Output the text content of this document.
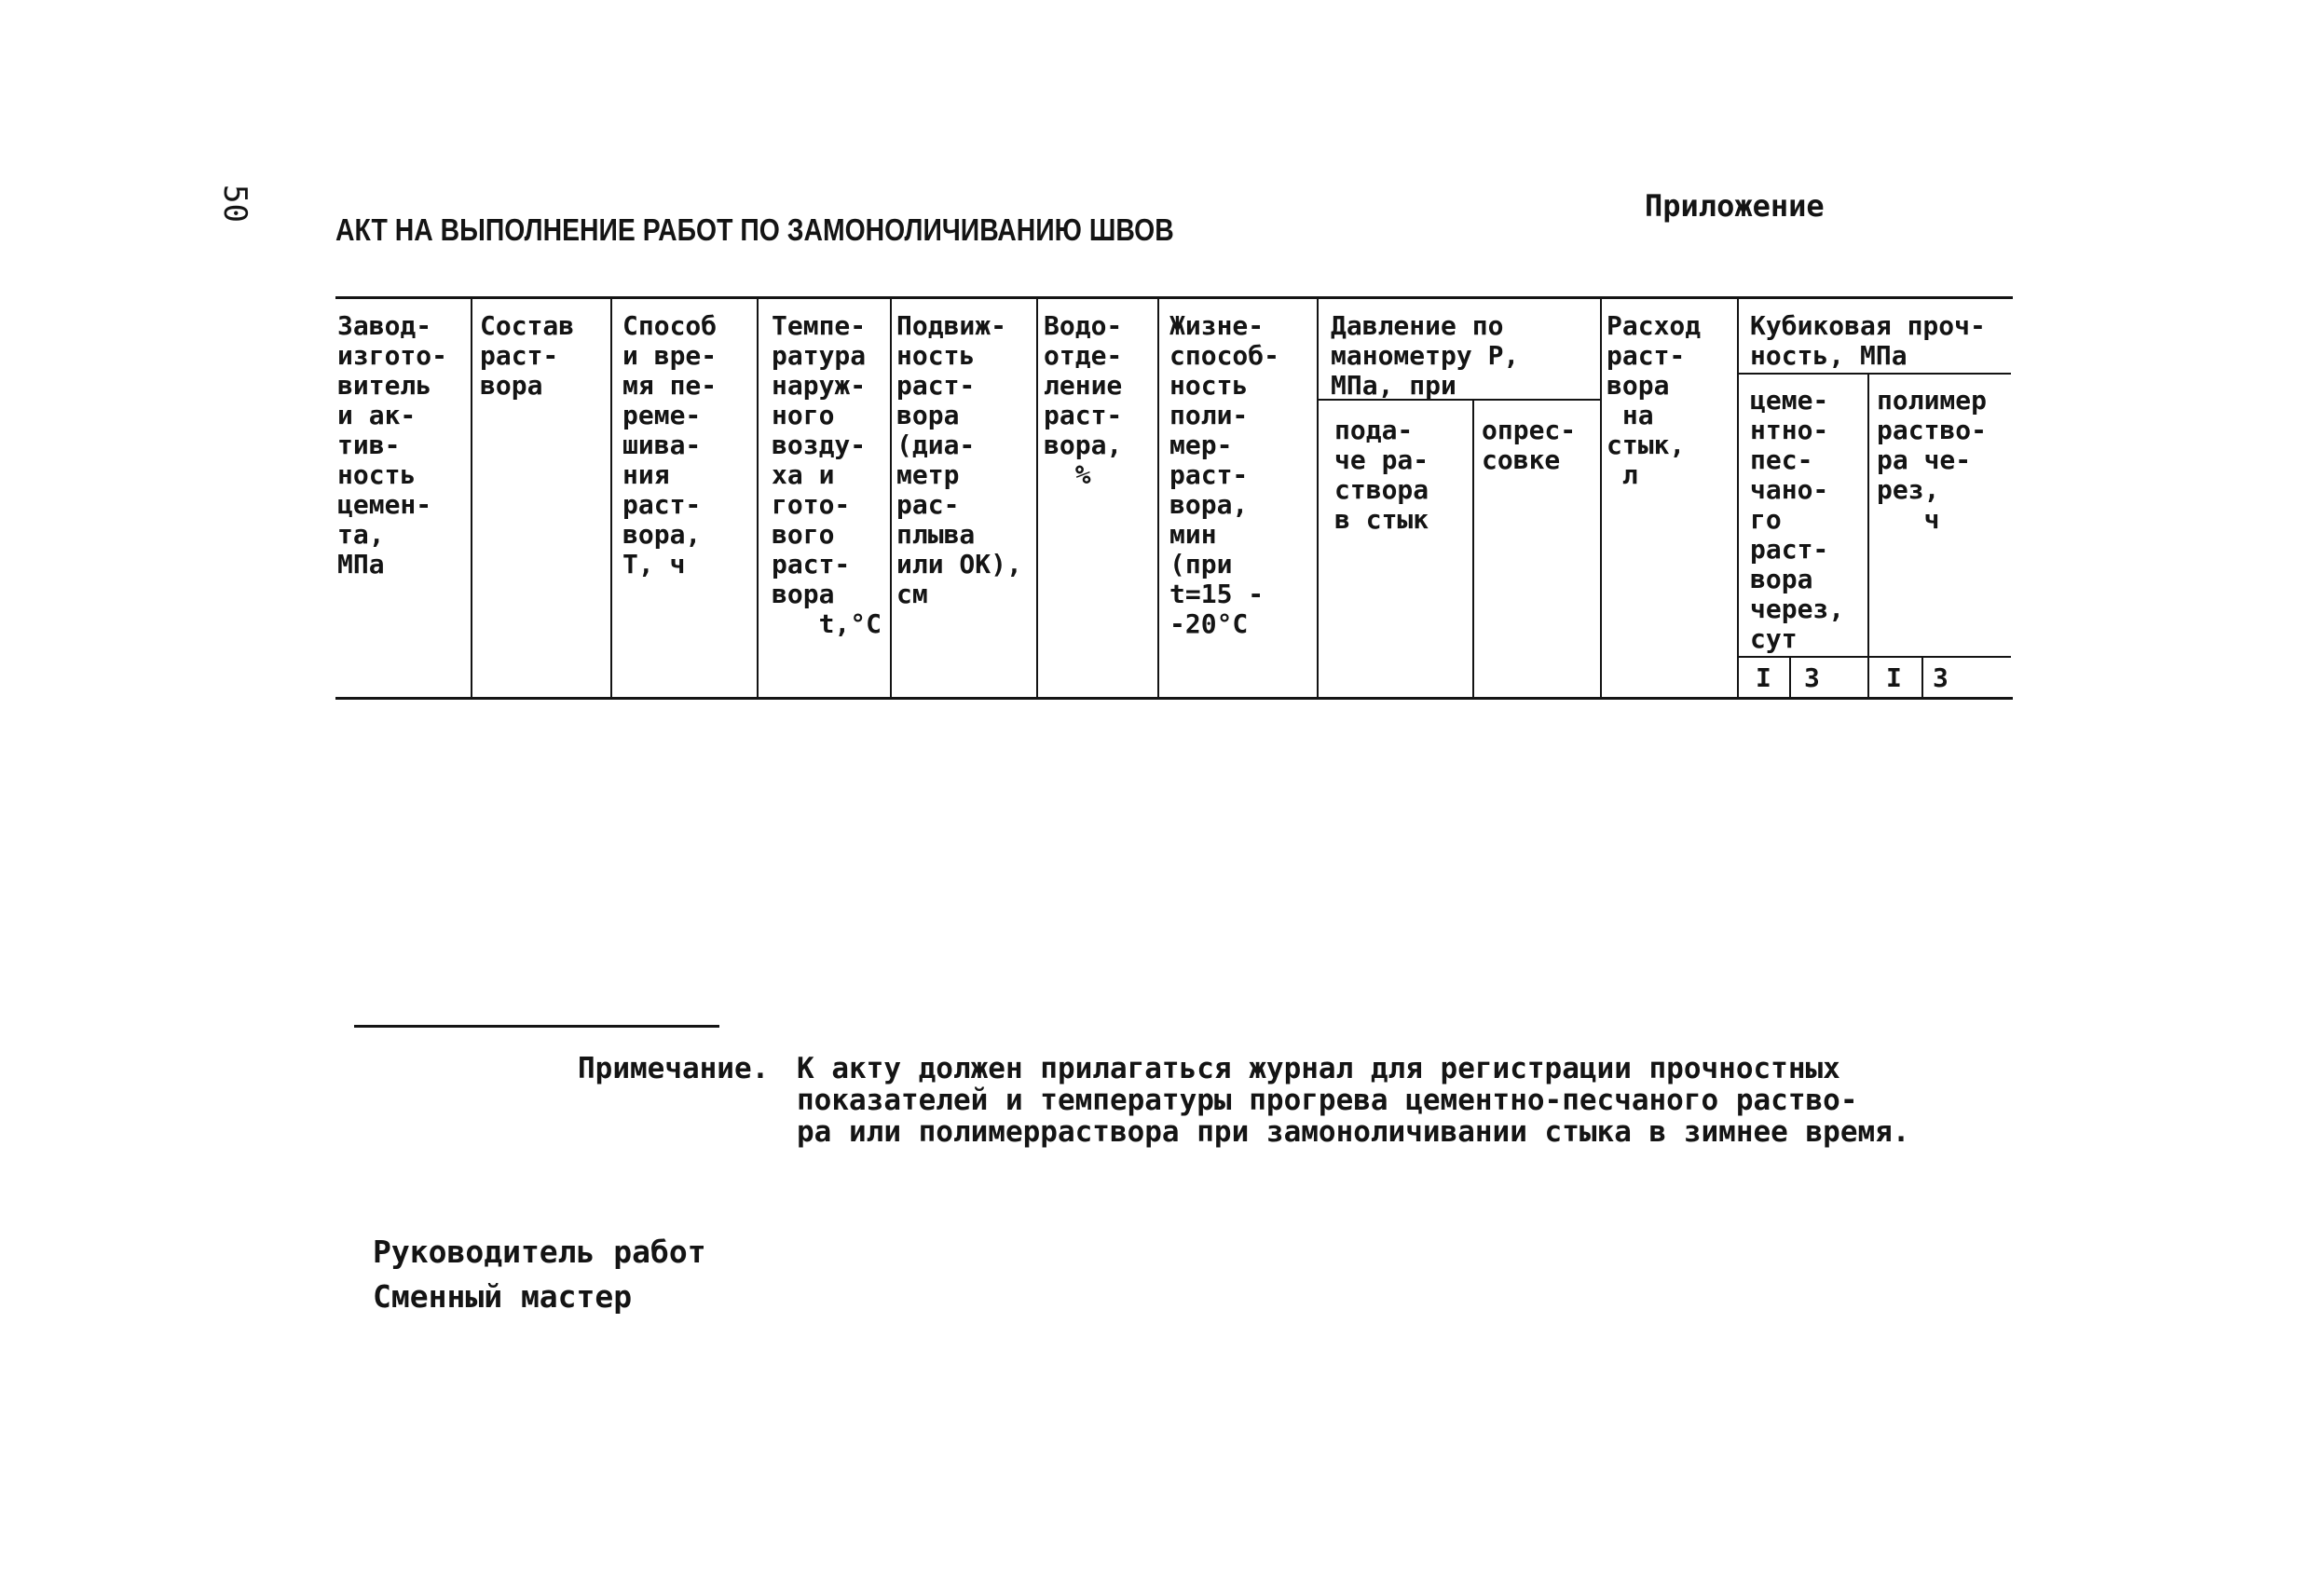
50
АКТ НА ВЫПОЛНЕНИЕ РАБОТ ПО ЗАМОНОЛИЧИВАНИЮ ШВОВ
Приложение
Завод-
изгото-
витель
и ак-
тив-
ность
цемен-
та,
МПа
Состав
раст-
вора
Способ
и вре-
мя пе-
реме-
шива-
ния
раст-
вора,
Т, ч
Темпе-
ратура
наруж-
ного
возду-
ха и
гото-
вого
раст-
вора
t,°C
Подвиж-
ность
раст-
вора
(диа-
метр
рас-
плыва
или ОК),
см
Водо-
отде-
ление
раст-
вора,
%
Жизне-
способ-
ность
поли-
мер-
раст-
вора,
мин
(при
t=15 -
-20°С
Давление по
манометру Р,
МПа, при
пода-
че ра-
створа
в стык
опрес-
совке
Расход
раст-
вора
на
стык,
л
Кубиковая проч-
ность, МПа
цеме-
нтно-
пес-
чано-
го
раст-
вора
через,
сут
полимер
раство-
ра че-
рез,
ч
I 3	I 3
Примечание. К акту должен прилагаться журнал для регистрации прочностных
показателей и температуры прогрева цементно-песчаного раство-
ра или полимерраствора при замоноличивании стыка в зимнее время.
Руководитель работ
Сменный мастер
